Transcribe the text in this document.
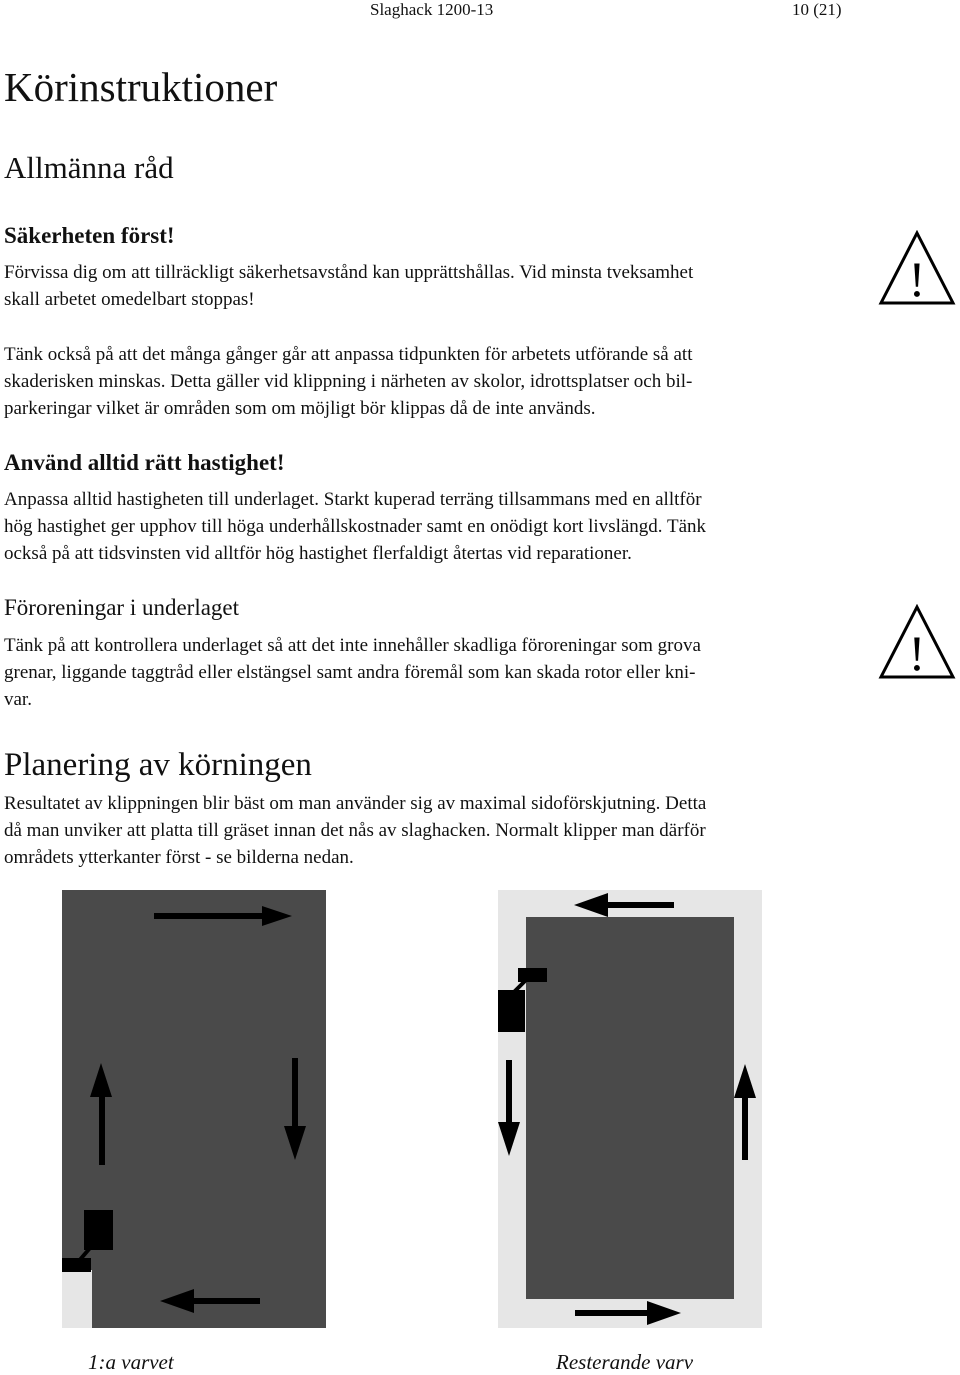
Slaghack 1200-13	10 (21)
Körinstruktioner
Allmänna råd
Säkerheten först!
Förvissa dig om att tillräckligt säkerhetsavstånd kan upprättshållas. Vid minsta tveksamhet
skall arbetet omedelbart stoppas!
Tänk också på att det många gånger går att anpassa tidpunkten för arbetets utförande så att
skaderisken minskas. Detta gäller vid klippning i närheten av skolor, idrottsplatser och bil-
parkeringar vilket är områden som om möjligt bör klippas då de inte används.
Använd alltid rätt hastighet!
Anpassa alltid hastigheten till underlaget. Starkt kuperad terräng tillsammans med en alltför
hög hastighet ger upphov till höga underhållskostnader samt en onödigt kort livslängd. Tänk
också på att tidsvinsten vid alltför hög hastighet flerfaldigt återtas vid reparationer.
Föroreningar i underlaget
Tänk på att kontrollera underlaget så att det inte innehåller skadliga föroreningar som grova
grenar, liggande taggtråd eller elstängsel samt andra föremål som kan skada rotor eller kni-
var.
!
!
Planering av körningen
Resultatet av klippningen blir bäst om man använder sig av maximal sidoförskjutning. Detta
då man unviker att platta till gräset innan det nås av slaghacken. Normalt klipper man därför
områdets ytterkanter först - se bilderna nedan.
1:a varvet	Resterande varv
